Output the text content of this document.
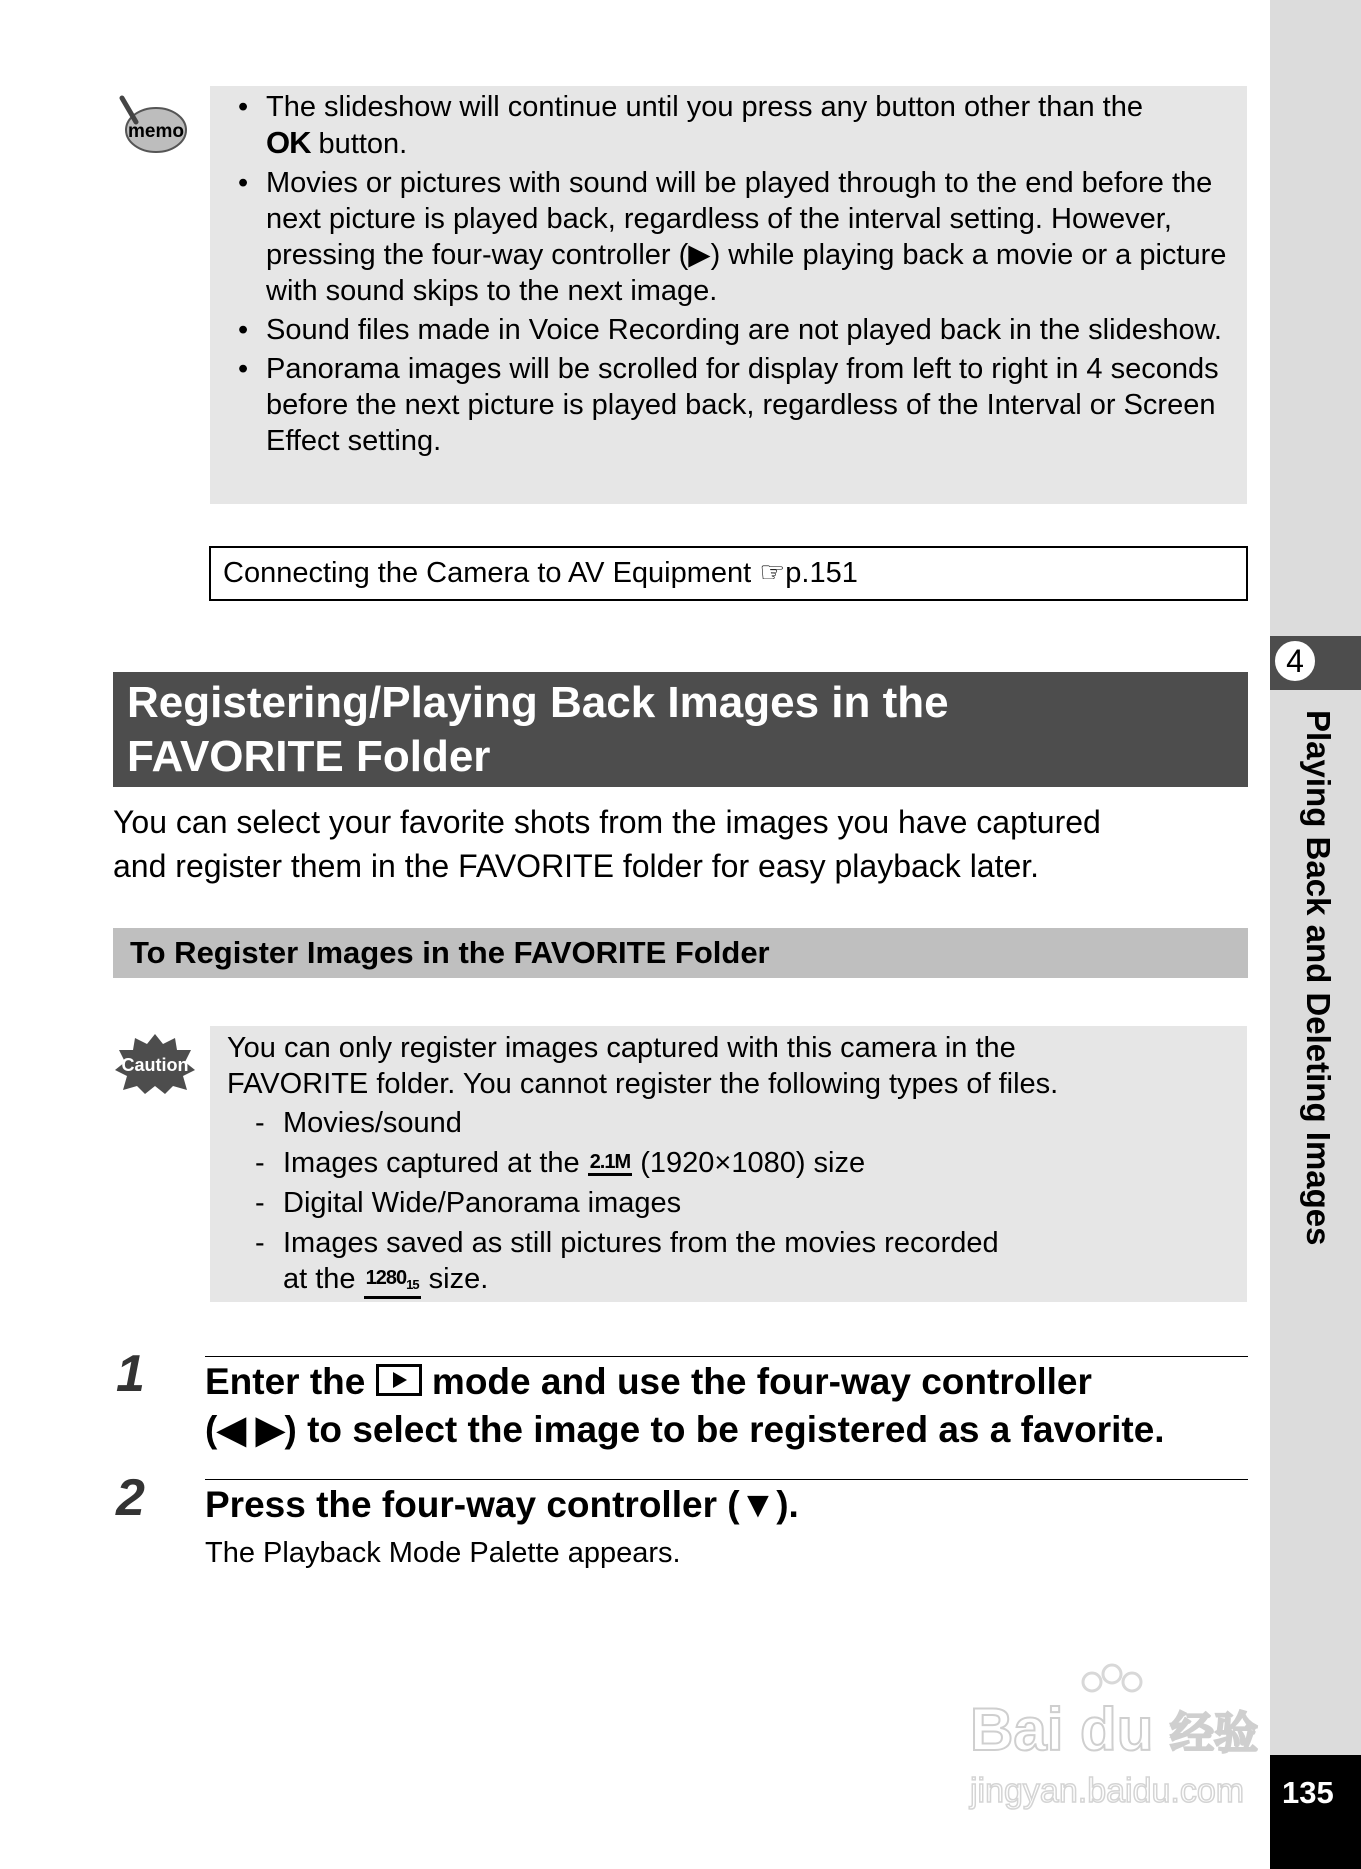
4
Playing Back and Deleting Images
135
memo
• The slideshow will continue until you press any button other than the
OK button.
• Movies or pictures with sound will be played through to the end before the next picture is played back, regardless of the interval setting. However, pressing the four-way controller (▶) while playing back a movie or a picture with sound skips to the next image.
• Sound files made in Voice Recording are not played back in the slideshow.
• Panorama images will be scrolled for display from left to right in 4 seconds before the next picture is played back, regardless of the Interval or Screen Effect setting.
Connecting the Camera to AV Equipment ☞p.151
Registering/Playing Back Images in the
FAVORITE Folder
You can select your favorite shots from the images you have captured
and register them in the FAVORITE folder for easy playback later.
To Register Images in the FAVORITE Folder
Caution
You can only register images captured with this camera in the
FAVORITE folder. You cannot register the following types of files.
- Movies/sound
- Images captured at the 2.1M (1920×1080) size
- Digital Wide/Panorama images
- Images saved as still pictures from the movies recorded
at the $1280_{15}$ size.
1 Enter the  mode and use the four-way controller
(◀ ▶) to select the image to be registered as a favorite.
2 Press the four-way controller (▼).
The Playback Mode Palette appears.
Bai du 经验
jingyan.baidu.com
